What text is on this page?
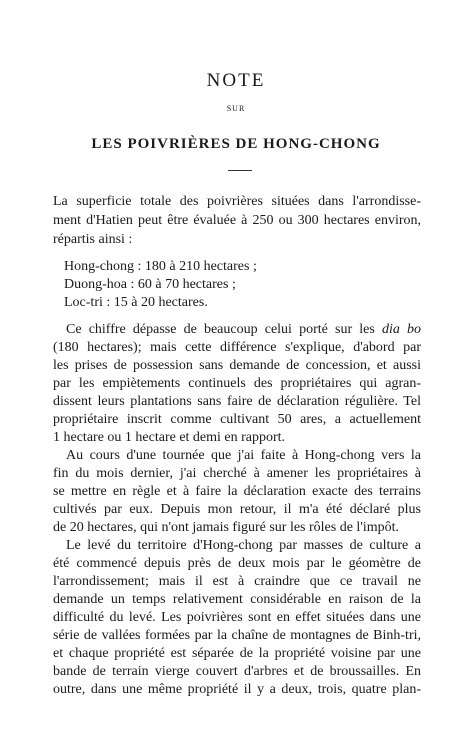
NOTE
SUR
LES POIVRIÈRES DE HONG-CHONG
La superficie totale des poivrières situées dans l'arrondisse-
ment d'Hatien peut être évaluée à 250 ou 300 hectares environ,
répartis ainsi :
Hong-chong : 180 à 210 hectares ;
Duong-hoa : 60 à 70 hectares ;
Loc-tri : 15 à 20 hectares.
Ce chiffre dépasse de beaucoup celui porté sur les dia bo
(180 hectares); mais cette différence s'explique, d'abord par
les prises de possession sans demande de concession, et aussi
par les empiètements continuels des propriétaires qui agran-
dissent leurs plantations sans faire de déclaration régulière. Tel
propriétaire inscrit comme cultivant 50 ares, a actuellement
1 hectare ou 1 hectare et demi en rapport.
Au cours d'une tournée que j'ai faite à Hong-chong vers la
fin du mois dernier, j'ai cherché à amener les propriétaires à
se mettre en règle et à faire la déclaration exacte des terrains
cultivés par eux. Depuis mon retour, il m'a été déclaré plus
de 20 hectares, qui n'ont jamais figuré sur les rôles de l'impôt.
Le levé du territoire d'Hong-chong par masses de culture a
été commencé depuis près de deux mois par le géomètre de
l'arrondissement; mais il est à craindre que ce travail ne
demande un temps relativement considérable en raison de la
difficulté du levé. Les poivrières sont en effet situées dans une
série de vallées formées par la chaîne de montagnes de Binh-tri,
et chaque propriété est séparée de la propriété voisine par une
bande de terrain vierge couvert d'arbres et de broussailles. En
outre, dans une même propriété il y a deux, trois, quatre plan-
